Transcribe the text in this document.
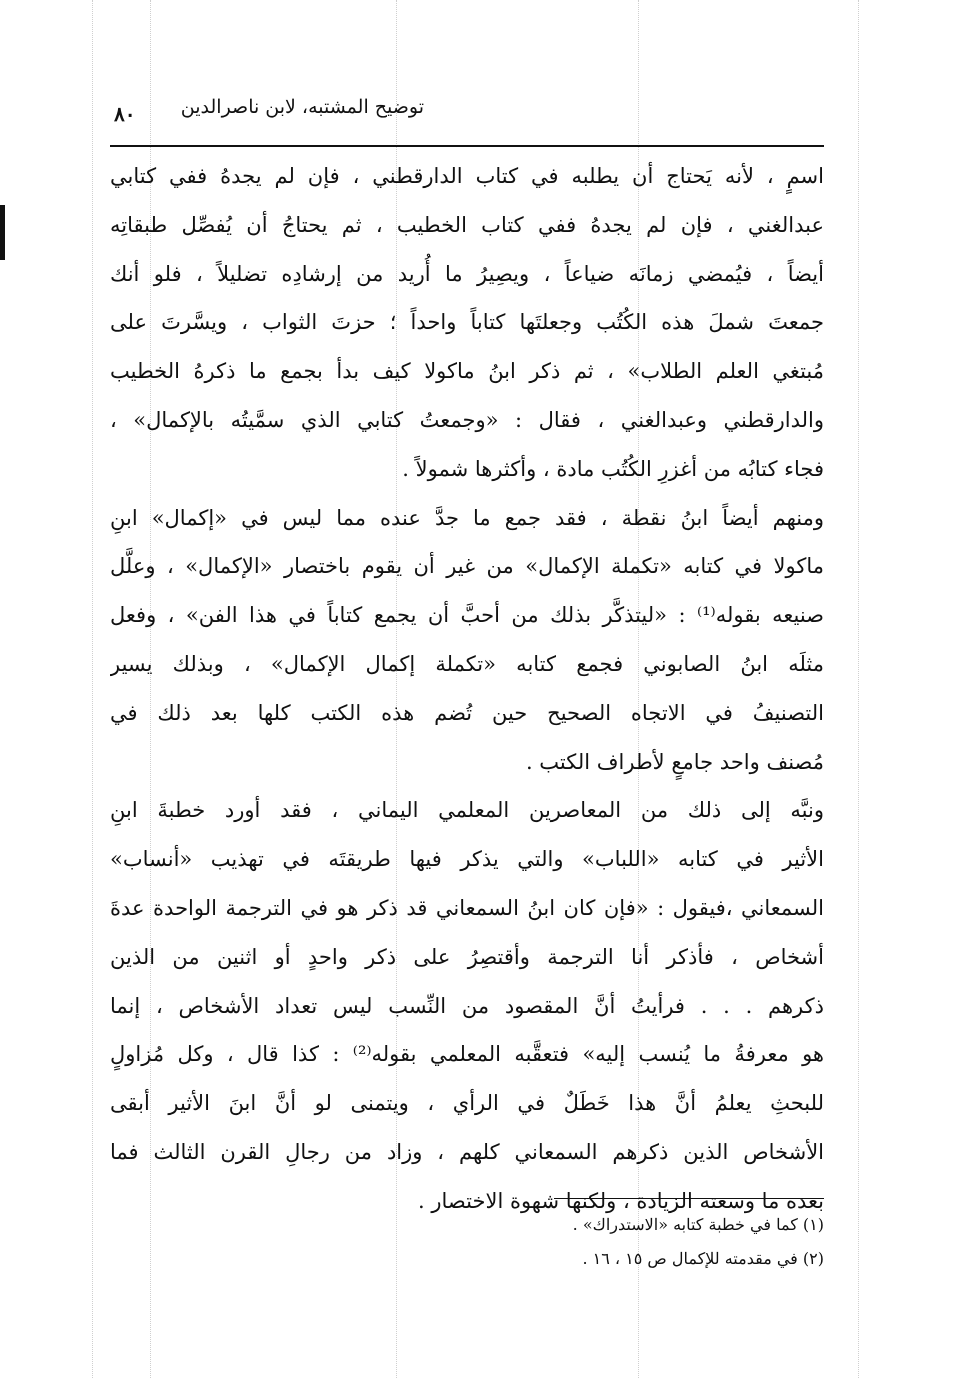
توضيح المشتبه، لابن ناصرالدين
٨٠
اسمٍ ، لأنه يَحتاج أن يطلبه في كتاب الدارقطني ، فإن لم يجدهُ ففي كتابي
عبدالغني ، فإن لم يجدهُ ففي كتاب الخطيب ، ثم يحتاجُ أن يُفصِّل طبقاتِه
أيضاً ، فيُمضي زمانَه ضياعاً ، ويصِيرُ ما أُريد من إرشادِه تضليلاً ، فلو أنك
جمعتَ شملَ هذه الكُتُب وجعلتَها كتاباً واحداً ؛ حزتَ الثواب ، ويسَّرتَ على
مُبتغي العلم الطلاب» ، ثم ذكر ابنُ ماكولا كيف بدأ بجمع ما ذكرهُ الخطيب
والدارقطني وعبدالغني ، فقال : «وجمعتُ كتابي الذي سمَّيتُه بالإكمال» ،
فجاء كتابُه من أغزرِ الكُتُب مادة ، وأكثرها شمولاً .
ومنهم أيضاً ابنُ نقطة ، فقد جمع ما جدَّ عنده مما ليس في «إكمال» ابنِ
ماكولا في كتابه «تكملة الإكمال» من غير أن يقوم باختصار «الإكمال» ، وعلَّل
صنيعه بقوله⁽¹⁾ : «ليتذكَّر بذلك من أحبَّ أن يجمع كتاباً في هذا الفن» ، وفعل
مثلَه ابنُ الصابوني فجمع كتابه «تكملة إكمال الإكمال» ، وبذلك يسير
التصنيفُ في الاتجاه الصحيح حين تُضم هذه الكتب كلها بعد ذلك في
مُصنف واحد جامعٍ لأطراف الكتب .
ونبَّه إلى ذلك من المعاصرين المعلمي اليماني ، فقد أورد خطبةَ ابنِ
الأثير في كتابه «اللباب» والتي يذكر فيها طريقتَه في تهذيب «أنساب»
السمعاني ،فيقول : «فإن كان ابنُ السمعاني قد ذكر هو في الترجمة الواحدة عدةَ
أشخاص ، فأذكر أنا الترجمة وأقتصِرُ على ذكر واحدٍ أو اثنين من الذين
ذكرهم . . . فرأيتُ أنَّ المقصود من النِّسب ليس تعداد الأشخاص ، إنما
هو معرفةُ ما يُنسب إليه» فتعقَّبه المعلمي بقوله⁽²⁾ : كذا قال ، وكل مُزاولٍ
للبحثِ يعلمُ أنَّ هذا خَطَلٌ في الرأي ، ويتمنى لو أنَّ ابنَ الأثير أبقى
الأشخاص الذين ذكرهم السمعاني كلهم ، وزاد من رجالِ القرن الثالث فما
بعده ما وسعته الزيادة ، ولكنها شهوة الاختصار .
(١) كما في خطبة كتابه «الاستدراك» .
(٢) في مقدمته للإكمال ص ١٥ ، ١٦ .
